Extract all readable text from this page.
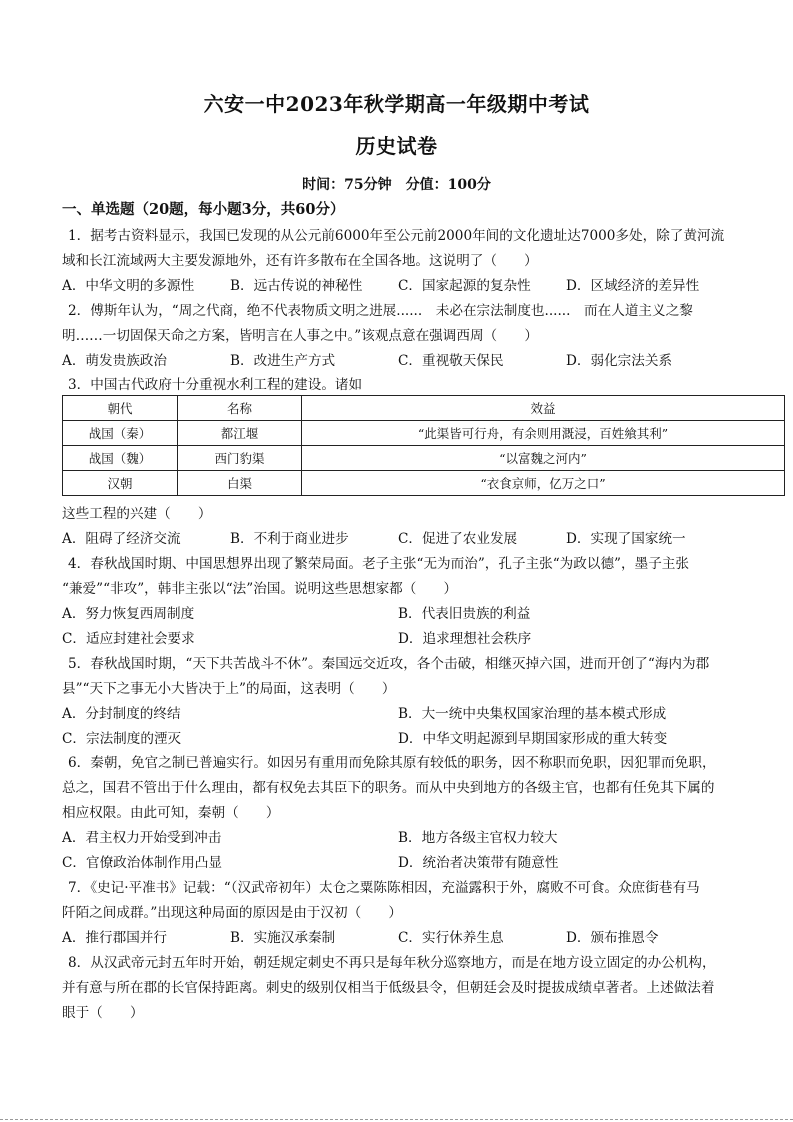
六安一中2023年秋学期高一年级期中考试
历史试卷
时间：75分钟　分值：100分
一、单选题（20题，每小题3分，共60分）
1．据考古资料显示，我国已发现的从公元前6000年至公元前2000年间的文化遗址达7000多处，除了黄河流
域和长江流域两大主要发源地外，还有许多散布在全国各地。这说明了（　　）
A．中华文明的多源性	B．远古传说的神秘性	C．国家起源的复杂性	D．区域经济的差异性
2．傅斯年认为，“周之代商，绝不代表物质文明之进展......　未必在宗法制度也......　而在人道主义之黎
明……一切固保天命之方案，皆明言在人事之中。”该观点意在强调西周（　　）
A．萌发贵族政治	B．改进生产方式	C．重视敬天保民	D．弱化宗法关系
3．中国古代政府十分重视水利工程的建设。诸如
朝代	名称	效益
战国（秦）	都江堰	“此渠皆可行舟，有余则用溉浸，百姓飨其利”
战国（魏）	西门豹渠	“以富魏之河内”
汉朝	白渠	“衣食京师，亿万之口”
这些工程的兴建（　　）
A．阻碍了经济交流	B．不利于商业进步	C．促进了农业发展	D．实现了国家统一
4．春秋战国时期、中国思想界出现了繁荣局面。老子主张“无为而治”，孔子主张“为政以德”，墨子主张
“兼爱”“非攻”，韩非主张以“法”治国。说明这些思想家都（　　）
A．努力恢复西周制度	B．代表旧贵族的利益
C．适应封建社会要求	D．追求理想社会秩序
5．春秋战国时期，“天下共苦战斗不休”。秦国远交近攻，各个击破，相继灭掉六国，进而开创了“海内为郡
县”“天下之事无小大皆决于上”的局面，这表明（　　）
A．分封制度的终结	B．大一统中央集权国家治理的基本模式形成
C．宗法制度的湮灭	D．中华文明起源到早期国家形成的重大转变
6．秦朝，免官之制已普遍实行。如因另有重用而免除其原有较低的职务，因不称职而免职，因犯罪而免职，
总之，国君不管出于什么理由，都有权免去其臣下的职务。而从中央到地方的各级主官，也都有任免其下属的
相应权限。由此可知，秦朝（　　）
A．君主权力开始受到冲击	B．地方各级主官权力较大
C．官僚政治体制作用凸显	D．统治者决策带有随意性
7．《史记·平准书》记载：“（汉武帝初年）太仓之粟陈陈相因，充溢露积于外，腐败不可食。众庶街巷有马
阡陌之间成群。”出现这种局面的原因是由于汉初（　　）
A．推行郡国并行	B．实施汉承秦制	C．实行休养生息	D．颁布推恩令
8．从汉武帝元封五年时开始，朝廷规定刺史不再只是每年秋分巡察地方，而是在地方设立固定的办公机构，
并有意与所在郡的长官保持距离。刺史的级别仅相当于低级县令，但朝廷会及时提拔成绩卓著者。上述做法着
眼于（　　）
